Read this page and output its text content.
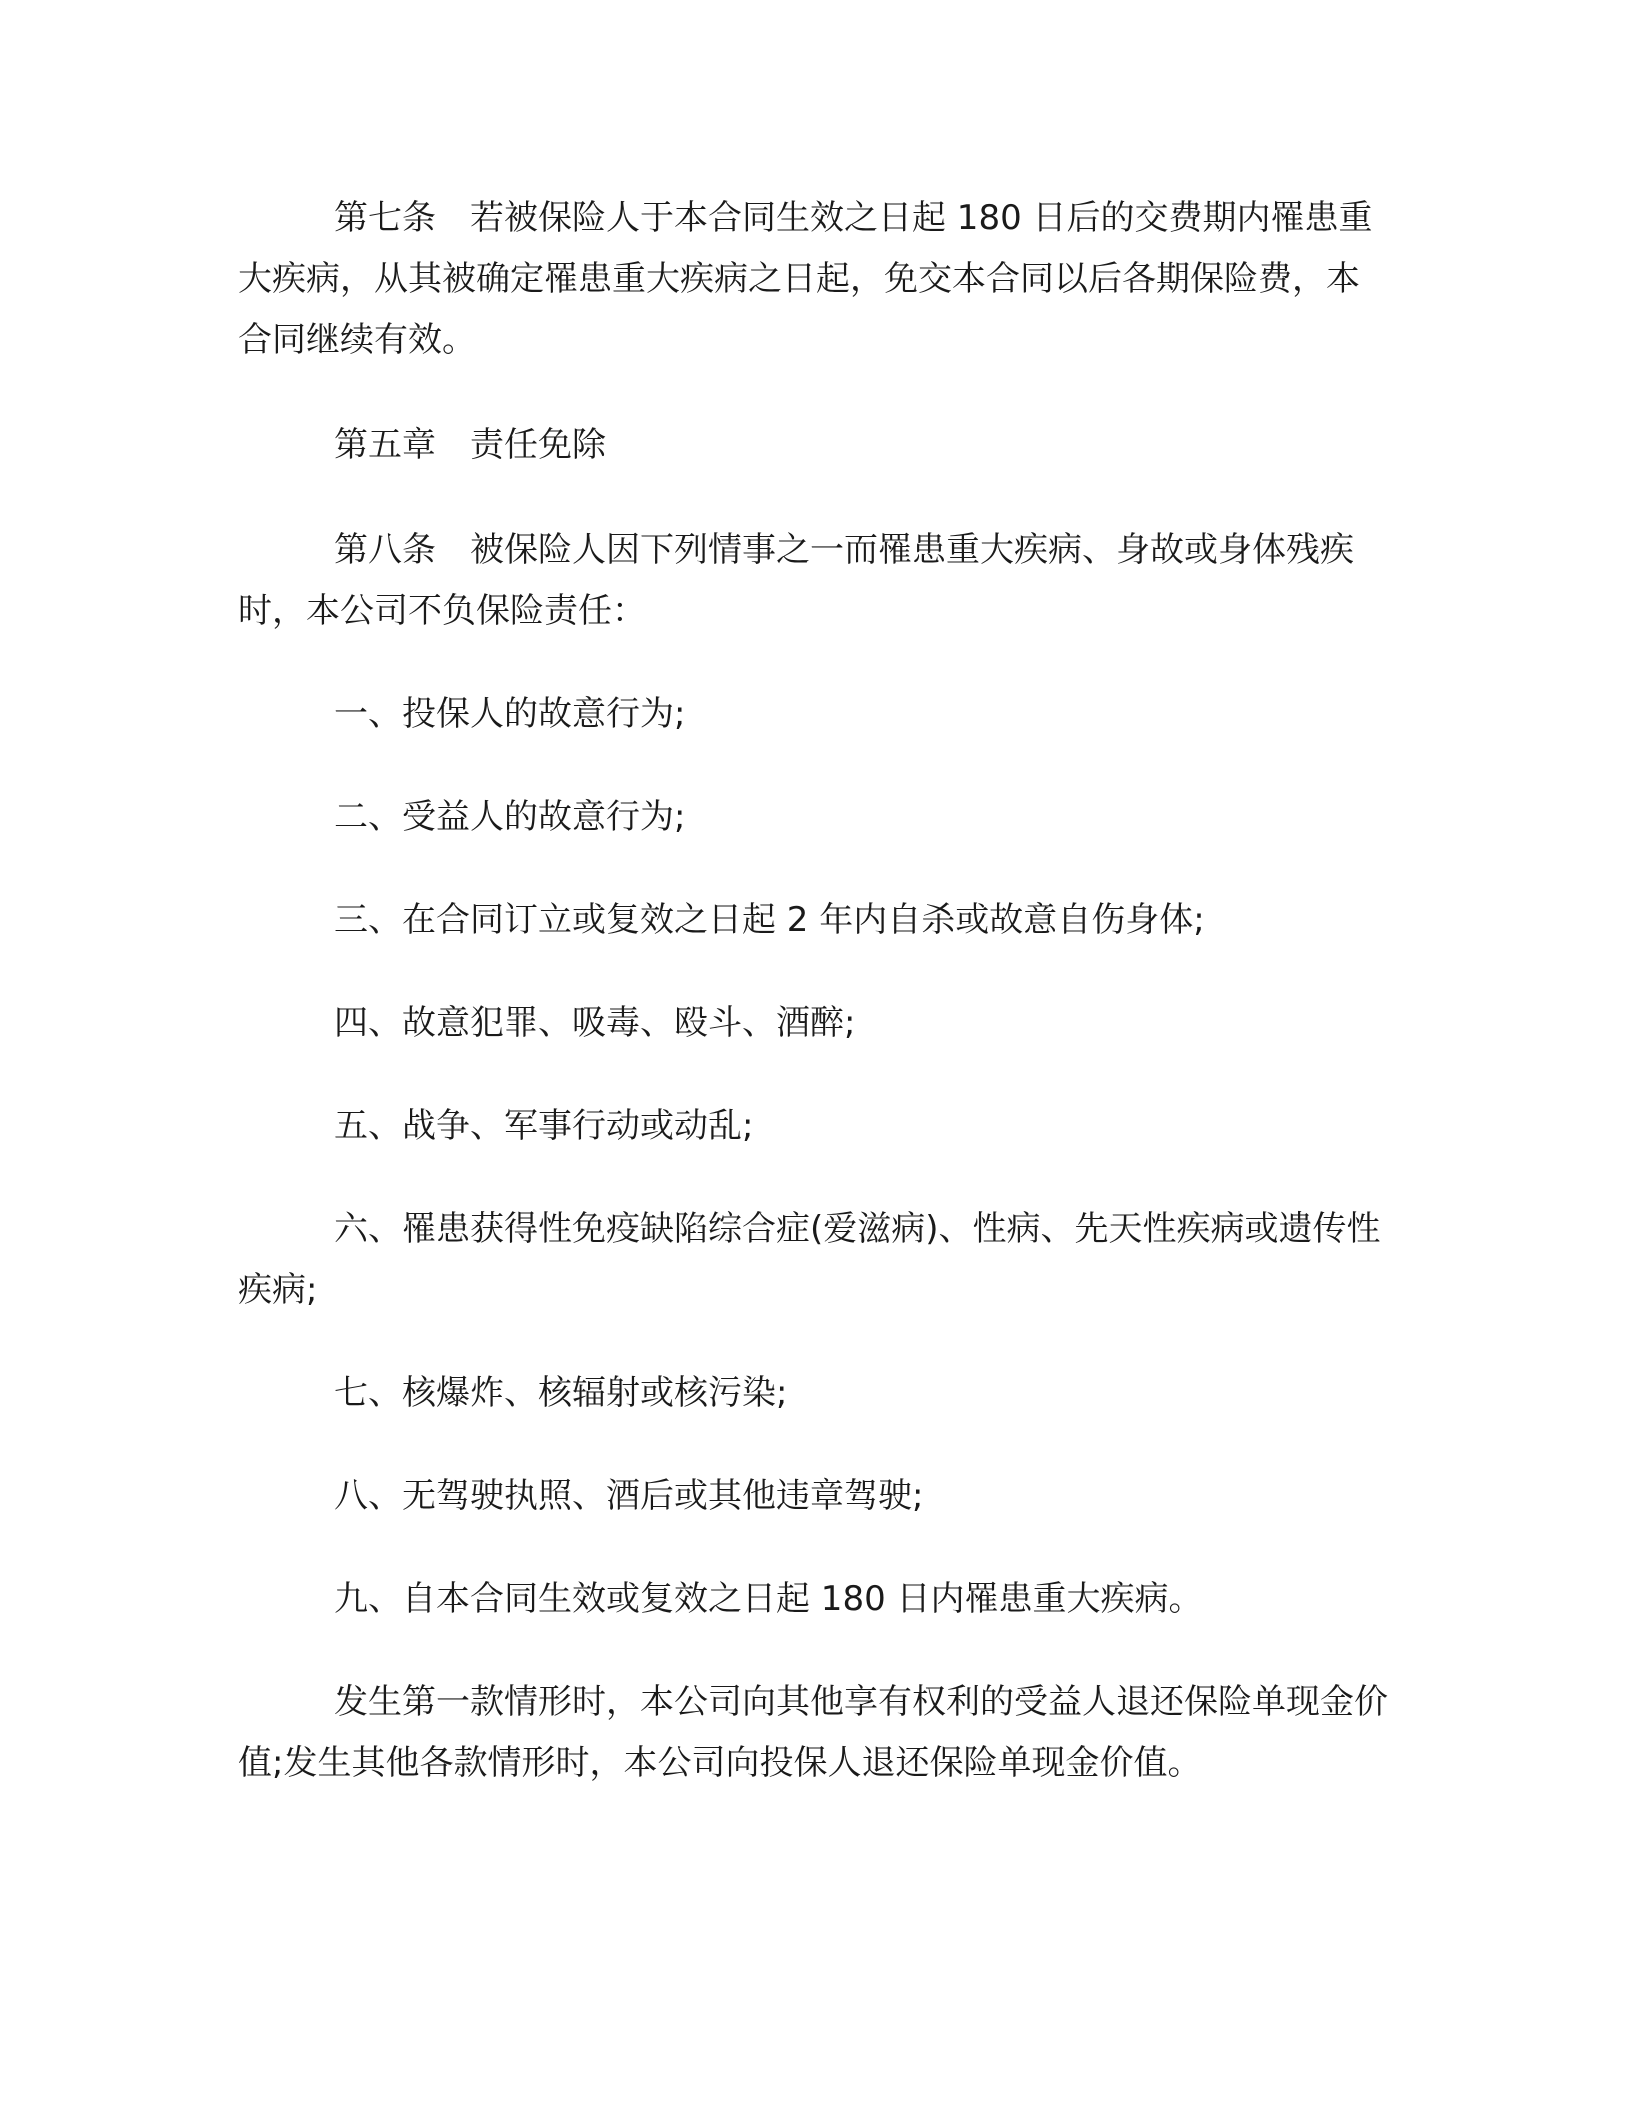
第七条　若被保险人于本合同生效之日起 180 日后的交费期内罹患重大疾病，从其被确定罹患重大疾病之日起，免交本合同以后各期保险费，本合同继续有效。

第五章　责任免除

第八条　被保险人因下列情事之一而罹患重大疾病、身故或身体残疾时，本公司不负保险责任：

一、投保人的故意行为;

二、受益人的故意行为;

三、在合同订立或复效之日起 2 年内自杀或故意自伤身体;

四、故意犯罪、吸毒、殴斗、酒醉;

五、战争、军事行动或动乱;

六、罹患获得性免疫缺陷综合症(爱滋病)、性病、先天性疾病或遗传性疾病;

七、核爆炸、核辐射或核污染;

八、无驾驶执照、酒后或其他违章驾驶;

九、自本合同生效或复效之日起 180 日内罹患重大疾病。

发生第一款情形时，本公司向其他享有权利的受益人退还保险单现金价值;发生其他各款情形时，本公司向投保人退还保险单现金价值。
